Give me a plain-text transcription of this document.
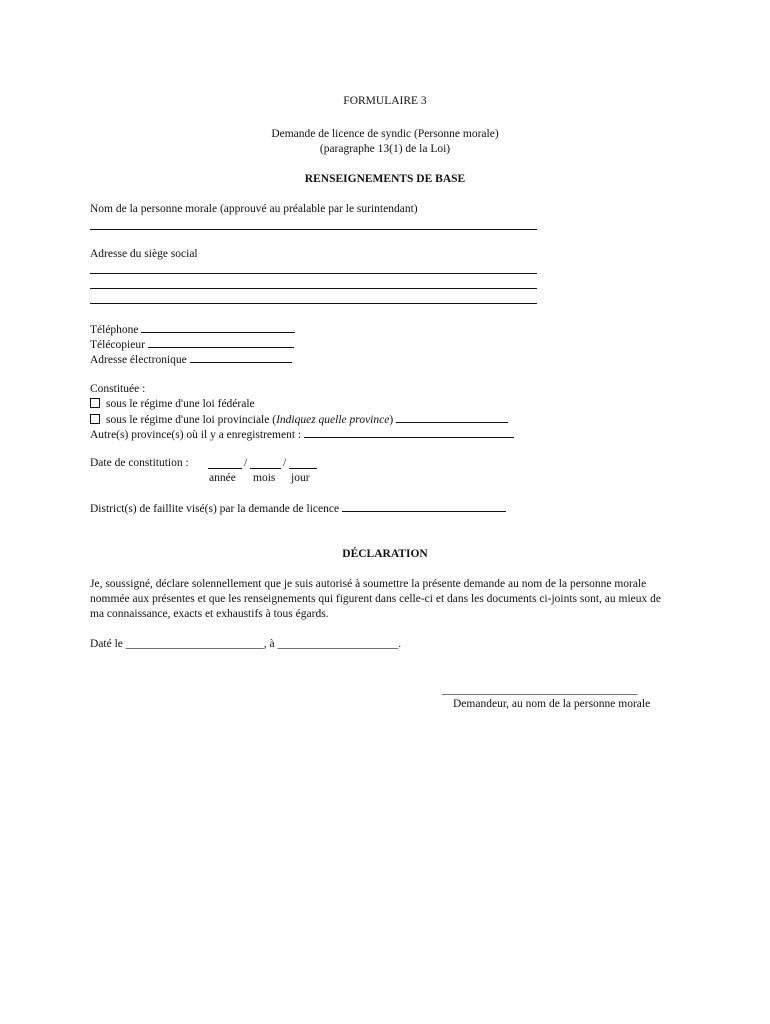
FORMULAIRE 3
Demande de licence de syndic (Personne morale)
(paragraphe 13(1) de la Loi)
RENSEIGNEMENTS DE BASE
Nom de la personne morale (approuvé au préalable par le surintendant)
Adresse du siège social
Téléphone
Télécopieur
Adresse électronique
Constituée :
sous le régime d'une loi fédérale
sous le régime d'une loi provinciale (Indiquez quelle province)
Autre(s) province(s) où il y a enregistrement :
Date de constitution :	/	/
année mois jour
District(s) de faillite visé(s) par la demande de licence
DÉCLARATION
Je, soussigné, déclare solennellement que je suis autorisé à soumettre la présente demande au nom de la personne morale nommée aux présentes et que les renseignements qui figurent dans celle-ci et dans les documents ci-joints sont, au mieux de ma connaissance, exacts et exhaustifs à tous égards.
Daté le ________________________, à _____________________.
__________________________________
Demandeur, au nom de la personne morale
